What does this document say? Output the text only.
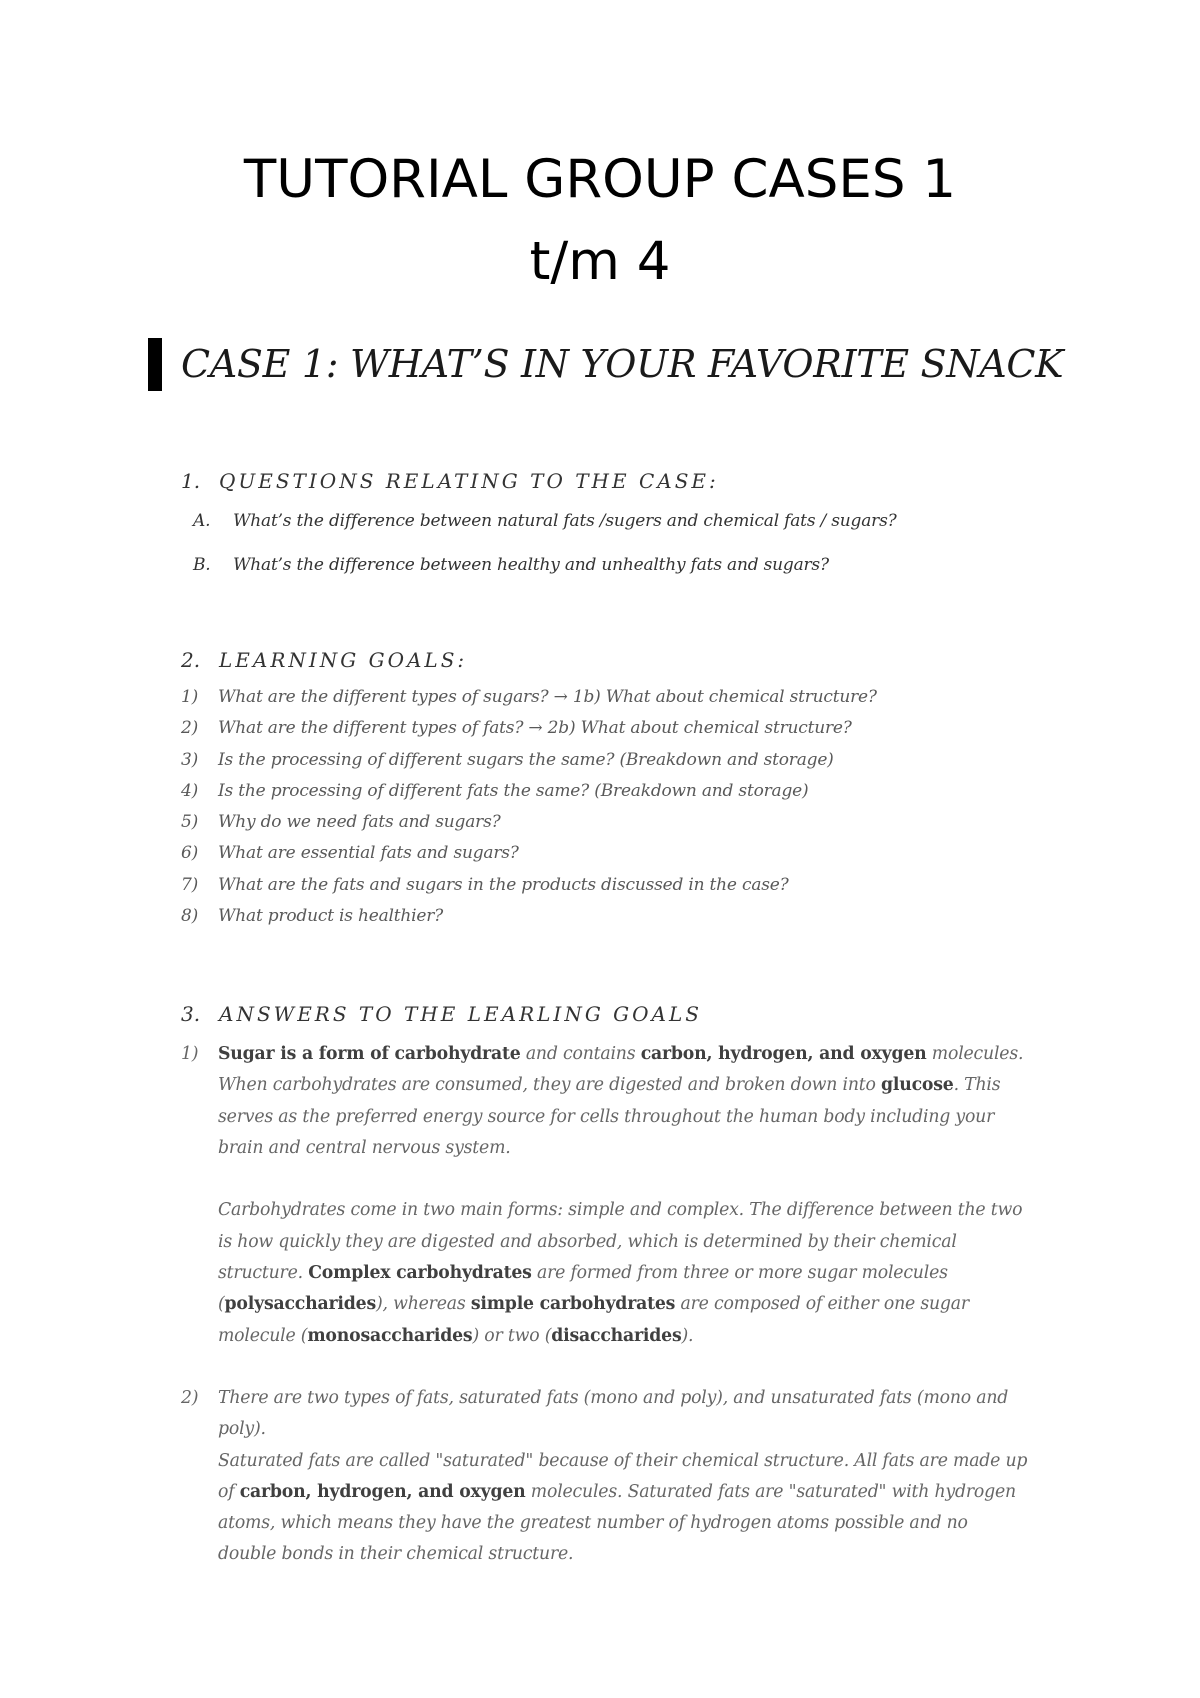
TUTORIAL GROUP CASES 1
t/m 4
CASE 1: WHAT’S IN YOUR FAVORITE SNACK
1. QUESTIONS RELATING TO THE CASE:
A. What’s the difference between natural fats /sugers and chemical fats / sugars?
B. What’s the difference between healthy and unhealthy fats and sugars?
2. LEARNING GOALS:
1) What are the different types of sugars? → 1b) What about chemical structure?
2) What are the different types of fats? → 2b) What about chemical structure?
3) Is the processing of different sugars the same? (Breakdown and storage)
4) Is the processing of different fats the same? (Breakdown and storage)
5) Why do we need fats and sugars?
6) What are essential fats and sugars?
7) What are the fats and sugars in the products discussed in the case?
8) What product is healthier?
3. ANSWERS TO THE LEARLING GOALS
1) Sugar is a form of carbohydrate and contains carbon, hydrogen, and oxygen molecules. When carbohydrates are consumed, they are digested and broken down into glucose. This serves as the preferred energy source for cells throughout the human body including your brain and central nervous system.

Carbohydrates come in two main forms: simple and complex. The difference between the two is how quickly they are digested and absorbed, which is determined by their chemical structure. Complex carbohydrates are formed from three or more sugar molecules (polysaccharides), whereas simple carbohydrates are composed of either one sugar molecule (monosaccharides) or two (disaccharides).

2) There are two types of fats, saturated fats (mono and poly), and unsaturated fats (mono and poly).

Saturated fats are called "saturated" because of their chemical structure. All fats are made up of carbon, hydrogen, and oxygen molecules. Saturated fats are "saturated" with hydrogen atoms, which means they have the greatest number of hydrogen atoms possible and no double bonds in their chemical structure.
